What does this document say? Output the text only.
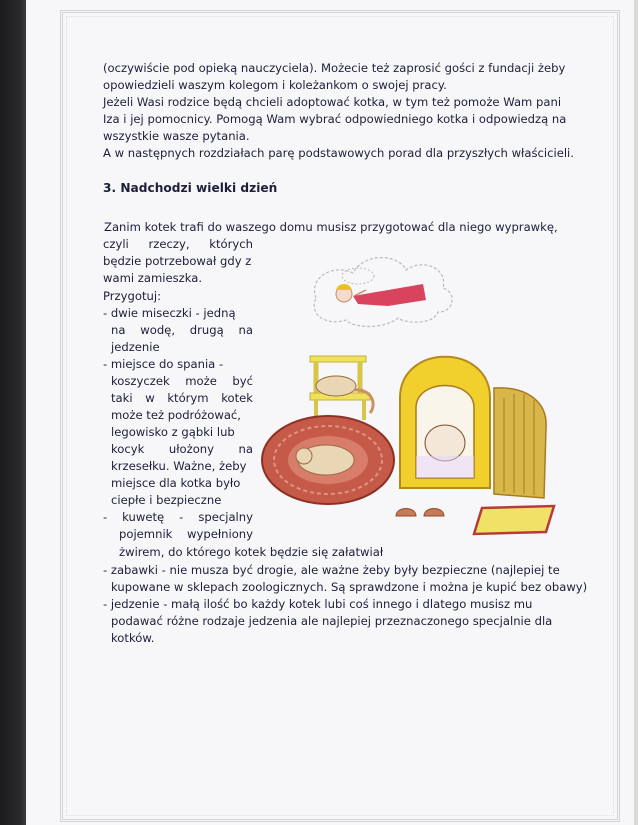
(oczywiście pod opieką nauczyciela). Możecie też zaprosić gości z fundacji żeby
opowiedzieli waszym kolegom i koleżankom o swojej pracy.
Jeżeli Wasi rodzice będą chcieli adoptować kotka, w tym też pomoże Wam pani
Iza i jej pomocnicy. Pomogą Wam wybrać odpowiedniego kotka i odpowiedzą na
wszystkie wasze pytania.
A w następnych rozdziałach parę podstawowych porad dla przyszłych właścicieli.
3. Nadchodzi wielki dzień
Zanim kotek trafi do waszego domu musisz przygotować dla niego wyprawkę,
czyli rzeczy, których
będzie potrzebował gdy z
wami zamieszka.
Przygotuj:
- dwie miseczki - jedną
na wodę, drugą na
jedzenie
- miejsce do spania -
koszyczek może być
taki w którym kotek
może też podróżować,
legowisko z gąbki lub
kocyk ułożony na
krzesełku. Ważne, żeby
miejsce dla kotka było
ciepłe i bezpieczne
- kuwetę - specjalny
pojemnik wypełniony
żwirem, do którego kotek będzie się załatwiał
- zabawki - nie musza być drogie, ale ważne żeby były bezpieczne (najlepiej te
kupowane w sklepach zoologicznych. Są sprawdzone i można je kupić bez obawy)
- jedzenie - małą ilość bo każdy kotek lubi coś innego i dlatego musisz mu
podawać różne rodzaje jedzenia ale najlepiej przeznaczonego specjalnie dla
kotków.
